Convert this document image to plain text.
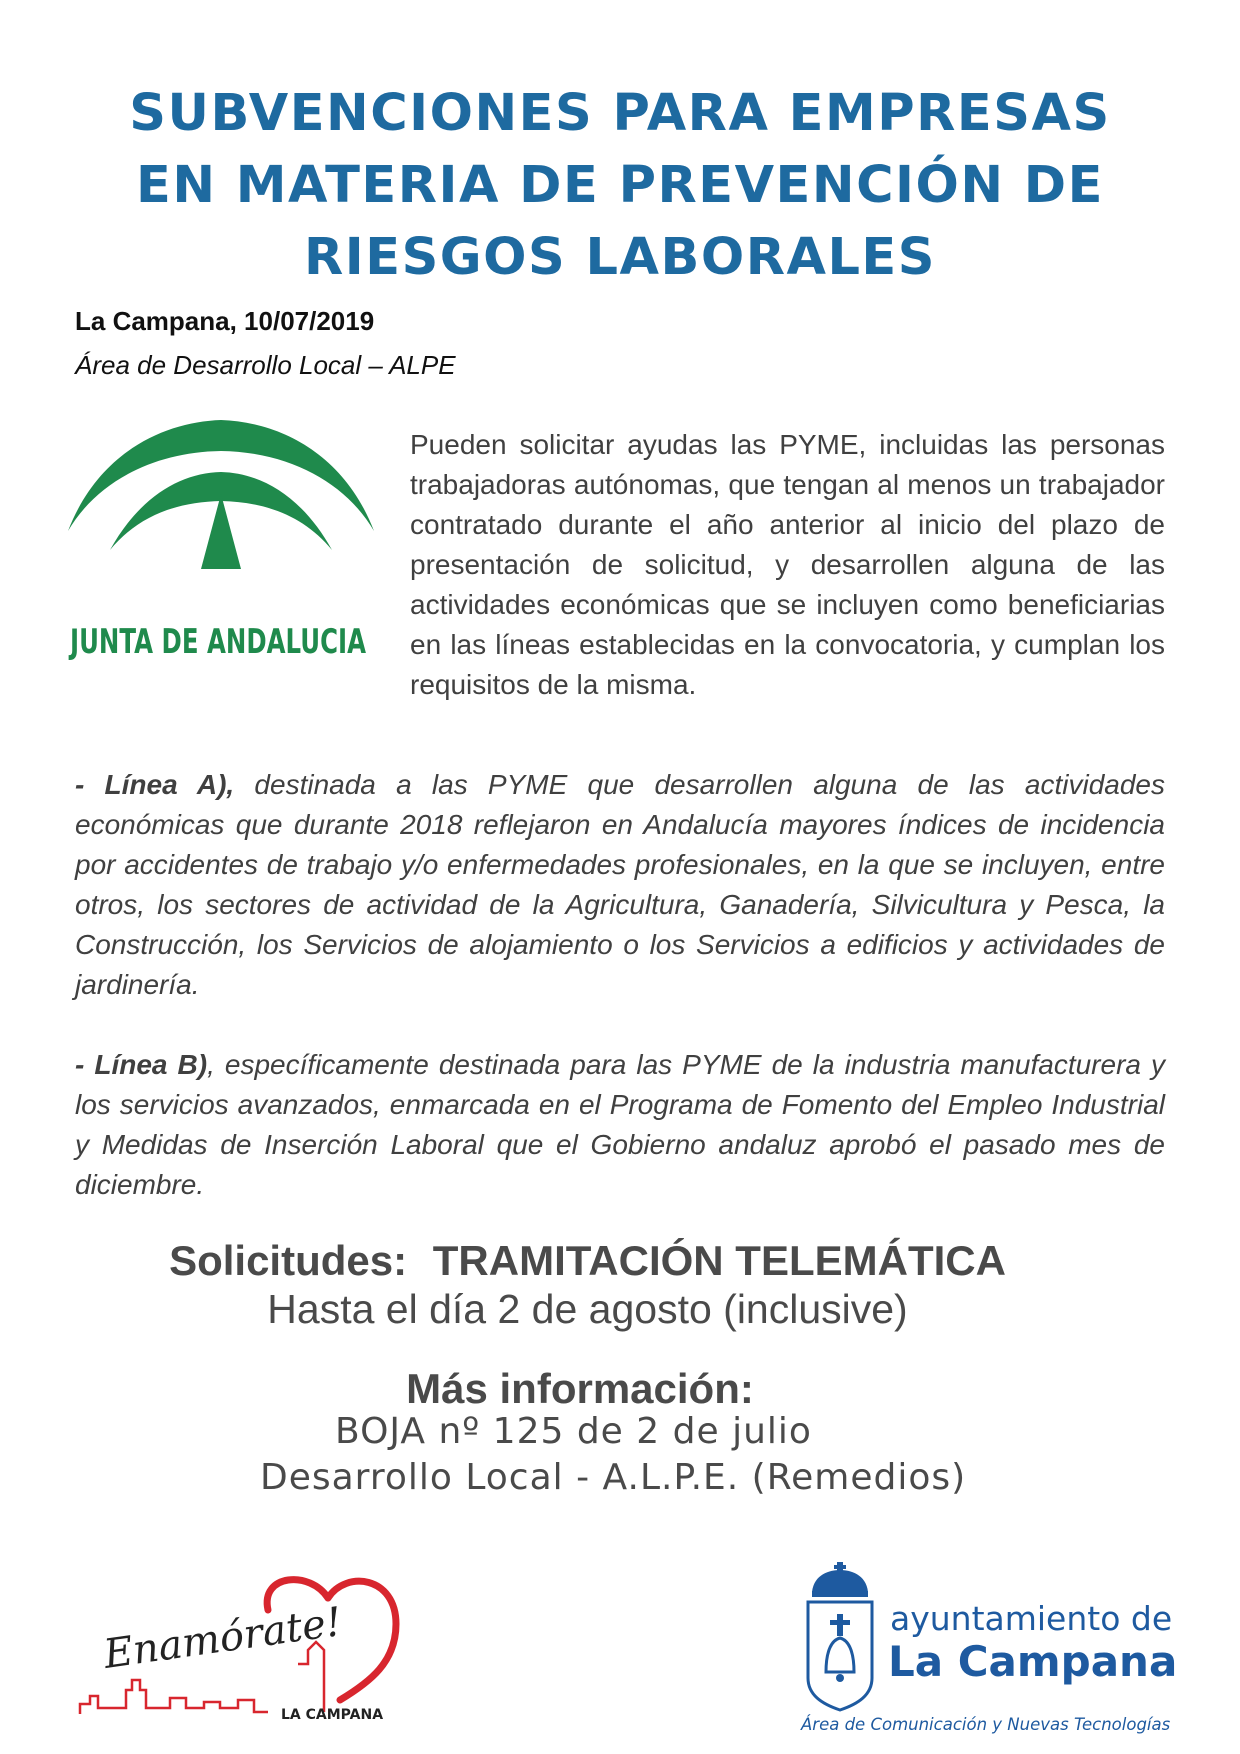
SUBVENCIONES PARA EMPRESAS
EN MATERIA DE PREVENCIÓN DE
RIESGOS LABORALES
La Campana, 10/07/2019
Área de Desarrollo Local – ALPE
JUNTA DE ANDALUCIA

Pueden solicitar ayudas las PYME, incluidas las personas trabajadoras autónomas, que tengan al menos un trabajador contratado durante el año anterior al inicio del plazo de presentación de solicitud, y desarrollen alguna de las actividades económicas que se incluyen como beneficiarias en las líneas establecidas en la convocatoria, y cumplan los requisitos de la misma.

- Línea A), destinada a las PYME que desarrollen alguna de las actividades económicas que durante 2018 reflejaron en Andalucía mayores índices de incidencia por accidentes de trabajo y/o enfermedades profesionales, en la que se incluyen, entre otros, los sectores de actividad de la Agricultura, Ganadería, Silvicultura y Pesca, la Construcción, los Servicios de alojamiento o los Servicios a edificios y actividades de jardinería.

- Línea B), específicamente destinada para las PYME de la industria manufacturera y los servicios avanzados, enmarcada en el Programa de Fomento del Empleo Industrial y Medidas de Inserción Laboral que el Gobierno andaluz aprobó el pasado mes de diciembre.

Solicitudes: TRAMITACIÓN TELEMÁTICA
Hasta el día 2 de agosto (inclusive)
Más información:
BOJA nº 125 de 2 de julio
Desarrollo Local - A.L.P.E. (Remedios)
Enamórate!
LA CAMPANA
ayuntamiento de
La Campana
Área de Comunicación y Nuevas Tecnologías
